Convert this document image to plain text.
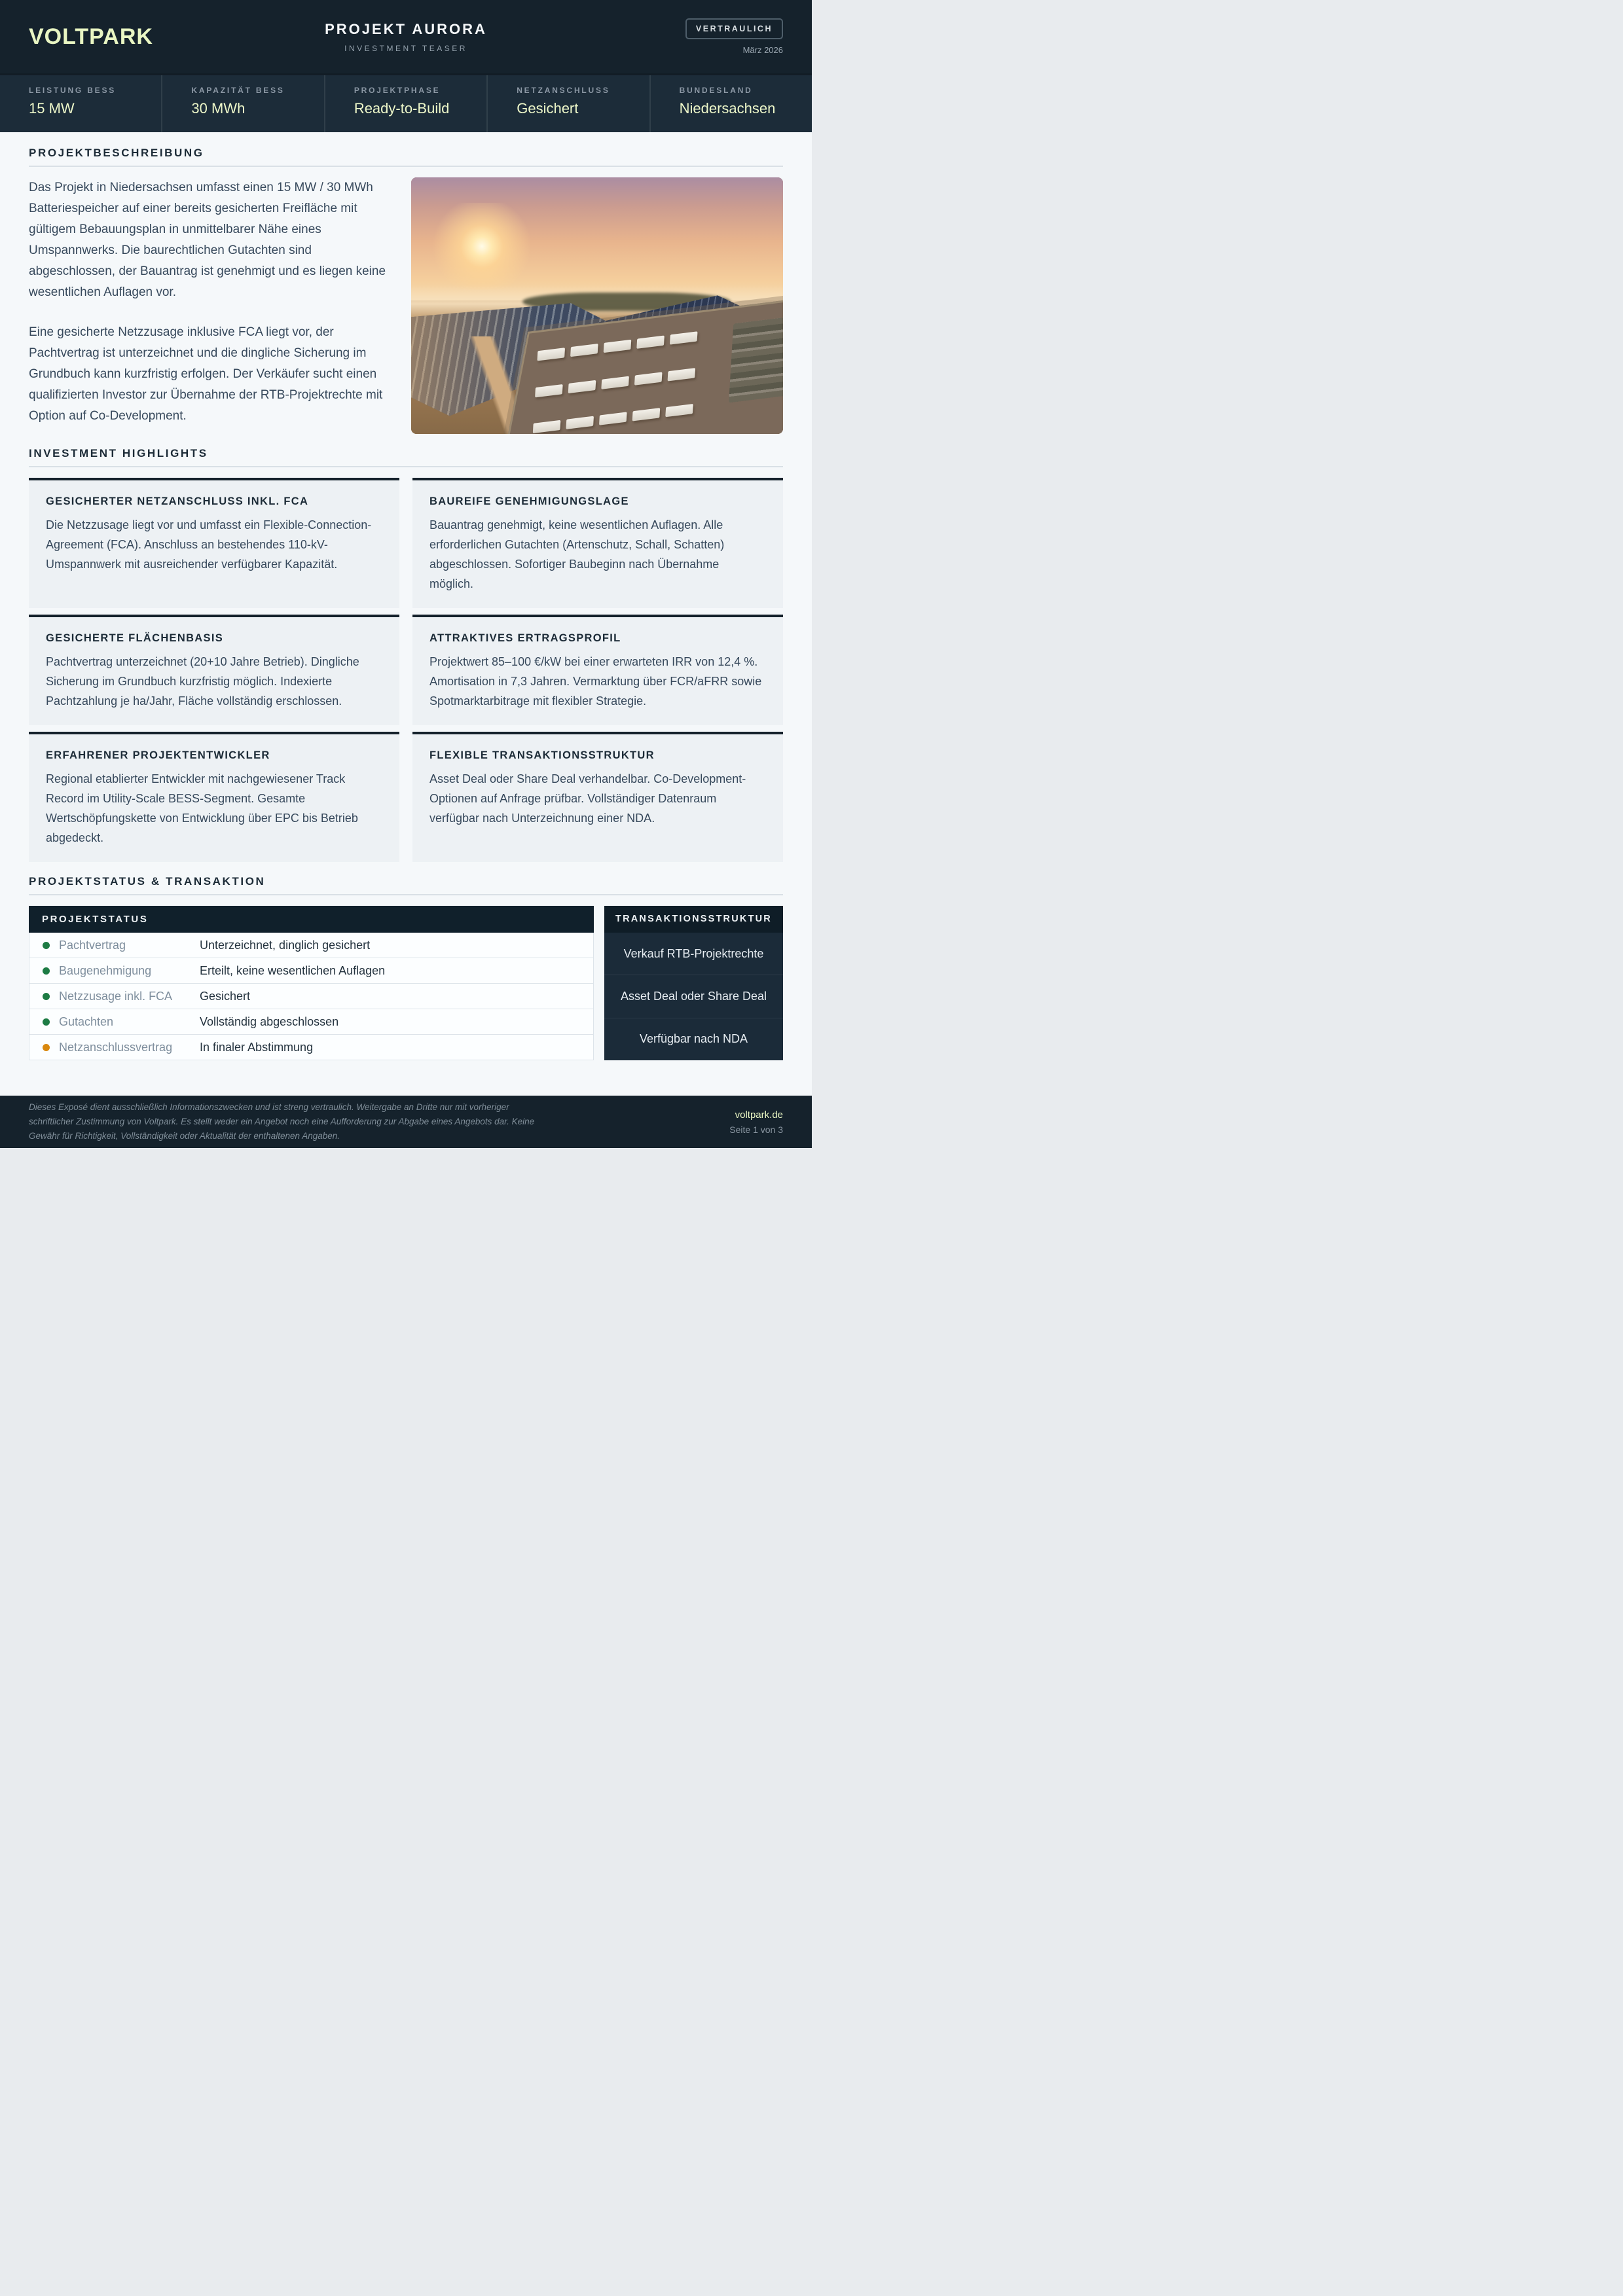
VOLTPARK	PROJEKT AURORA
INVESTMENT TEASER
VERTRAULICH
März 2026
LEISTUNG BESS
15 MW
KAPAZITÄT BESS
30 MWh
PROJEKTPHASE
Ready-to-Build
NETZANSCHLUSS
Gesichert
BUNDESLAND
Niedersachsen
PROJEKTBESCHREIBUNG

Das Projekt in Niedersachsen umfasst einen 15 MW / 30 MWh Batteriespeicher auf einer bereits gesicherten Freifläche mit gültigem Bebauungsplan in unmittelbarer Nähe eines Umspannwerks. Die baurechtlichen Gutachten sind abgeschlossen, der Bauantrag ist genehmigt und es liegen keine wesentlichen Auflagen vor.

Eine gesicherte Netzzusage inklusive FCA liegt vor, der Pachtvertrag ist unterzeichnet und die dingliche Sicherung im Grundbuch kann kurzfristig erfolgen. Der Verkäufer sucht einen qualifizierten Investor zur Übernahme der RTB-Projektrechte mit Option auf Co-Development.

INVESTMENT HIGHLIGHTS
GESICHERTER NETZANSCHLUSS INKL. FCA
Die Netzzusage liegt vor und umfasst ein Flexible-Connection-Agreement (FCA). Anschluss an bestehendes 110-kV-Umspannwerk mit ausreichender verfügbarer Kapazität.
BAUREIFE GENEHMIGUNGSLAGE
Bauantrag genehmigt, keine wesentlichen Auflagen. Alle erforderlichen Gutachten (Artenschutz, Schall, Schatten) abgeschlossen. Sofortiger Baubeginn nach Übernahme möglich.
GESICHERTE FLÄCHENBASIS
Pachtvertrag unterzeichnet (20+10 Jahre Betrieb). Dingliche Sicherung im Grundbuch kurzfristig möglich. Indexierte Pachtzahlung je ha/Jahr, Fläche vollständig erschlossen.
ATTRAKTIVES ERTRAGSPROFIL
Projektwert 85–100 €/kW bei einer erwarteten IRR von 12,4 %. Amortisation in 7,3 Jahren. Vermarktung über FCR/aFRR sowie Spotmarktarbitrage mit flexibler Strategie.
ERFAHRENER PROJEKTENTWICKLER
Regional etablierter Entwickler mit nachgewiesener Track Record im Utility-Scale BESS-Segment. Gesamte Wertschöpfungskette von Entwicklung über EPC bis Betrieb abgedeckt.
FLEXIBLE TRANSAKTIONSSTRUKTUR
Asset Deal oder Share Deal verhandelbar. Co-Development-Optionen auf Anfrage prüfbar. Vollständiger Datenraum verfügbar nach Unterzeichnung einer NDA.
PROJEKTSTATUS & TRANSAKTION
PROJEKTSTATUS
Pachtvertrag	Unterzeichnet, dinglich gesichert
Baugenehmigung	Erteilt, keine wesentlichen Auflagen
Netzzusage inkl. FCA	Gesichert
Gutachten	Vollständig abgeschlossen
Netzanschlussvertrag	In finaler Abstimmung
TRANSAKTIONSSTRUKTUR
Verkauf RTB-Projektrechte
Asset Deal oder Share Deal
Verfügbar nach NDA
Dieses Exposé dient ausschließlich Informationszwecken und ist streng vertraulich. Weitergabe an Dritte nur mit vorheriger schriftlicher Zustimmung von Voltpark. Es stellt weder ein Angebot noch eine Aufforderung zur Abgabe eines Angebots dar. Keine Gewähr für Richtigkeit, Vollständigkeit oder Aktualität der enthaltenen Angaben.
voltpark.de
Seite 1 von 3
